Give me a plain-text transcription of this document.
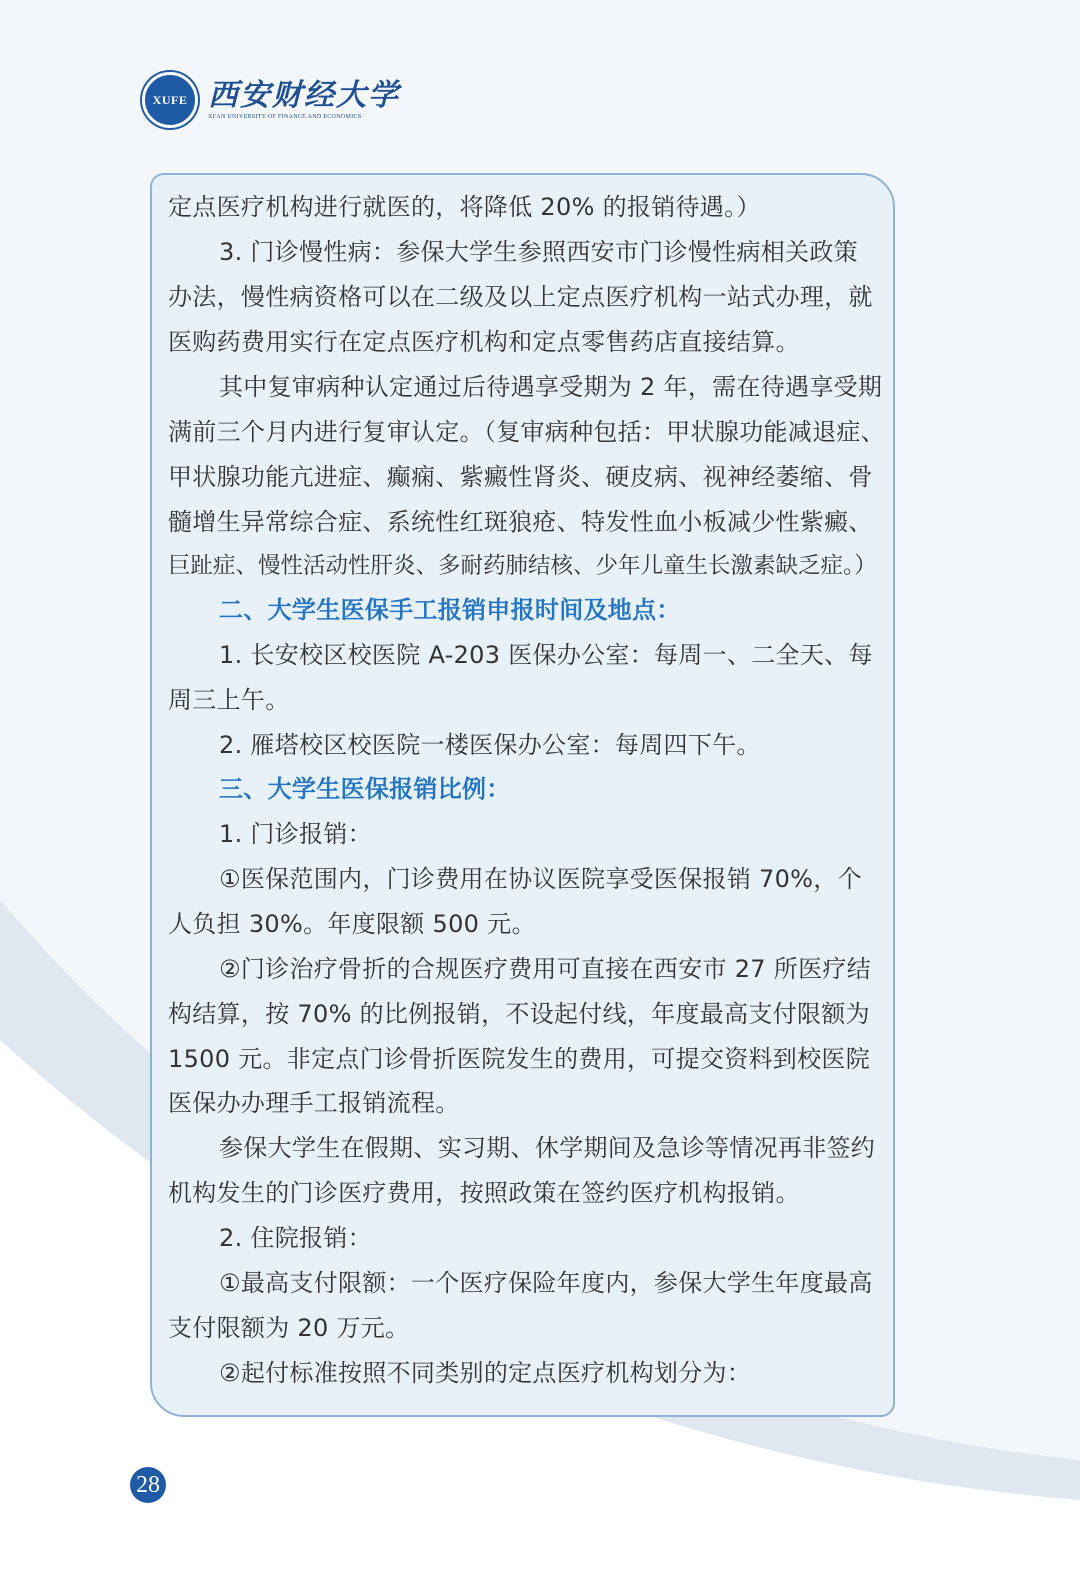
XUFE 西安财经大学
XI'AN UNIVERSITY OF FINANCE AND ECONOMICS
定点医疗机构进行就医的，将降低 20% 的报销待遇。）
3. 门诊慢性病：参保大学生参照西安市门诊慢性病相关政策
办法，慢性病资格可以在二级及以上定点医疗机构一站式办理，就
医购药费用实行在定点医疗机构和定点零售药店直接结算。
其中复审病种认定通过后待遇享受期为 2 年，需在待遇享受期
满前三个月内进行复审认定。（复审病种包括：甲状腺功能减退症、
甲状腺功能亢进症、癫痫、紫癜性肾炎、硬皮病、视神经萎缩、骨
髓增生异常综合症、系统性红斑狼疮、特发性血小板减少性紫癜、
巨趾症、慢性活动性肝炎、多耐药肺结核、少年儿童生长激素缺乏症。）
二、大学生医保手工报销申报时间及地点：
1. 长安校区校医院 A-203 医保办公室：每周一、二全天、每
周三上午。
2. 雁塔校区校医院一楼医保办公室：每周四下午。
三、大学生医保报销比例：
1. 门诊报销：
①医保范围内，门诊费用在协议医院享受医保报销 70%，个
人负担 30%。年度限额 500 元。
②门诊治疗骨折的合规医疗费用可直接在西安市 27 所医疗结
构结算，按 70% 的比例报销，不设起付线，年度最高支付限额为
1500 元。非定点门诊骨折医院发生的费用，可提交资料到校医院
医保办办理手工报销流程。
参保大学生在假期、实习期、休学期间及急诊等情况再非签约
机构发生的门诊医疗费用，按照政策在签约医疗机构报销。
2. 住院报销：
①最高支付限额：一个医疗保险年度内，参保大学生年度最高
支付限额为 20 万元。
②起付标准按照不同类别的定点医疗机构划分为：
28
